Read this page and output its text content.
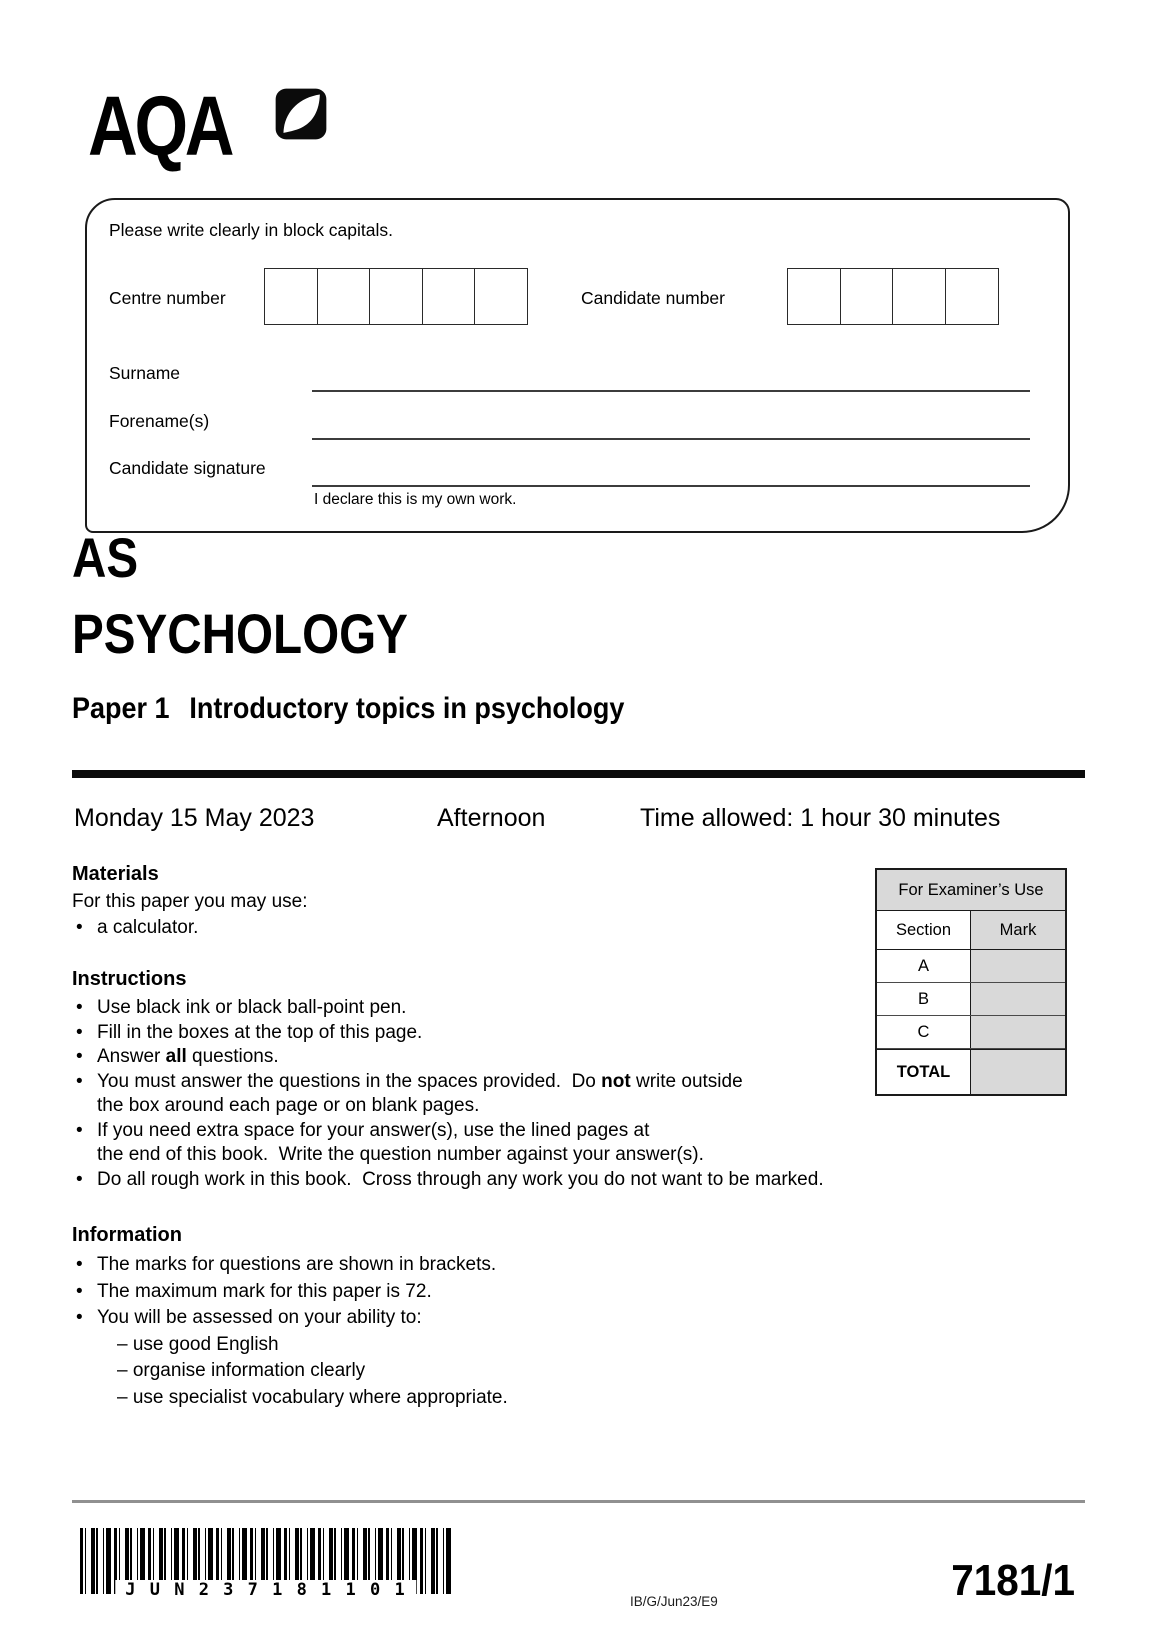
AQA
Please write clearly in block capitals.
Centre number	Candidate number
Surname
Forename(s)
Candidate signature
I declare this is my own work.
AS
PSYCHOLOGY
Paper 1 Introductory topics in psychology
Monday 15 May 2023	Afternoon	Time allowed: 1 hour 30 minutes
Materials

For this paper you may use:

• a calculator.
Instructions
• Use black ink or black ball-point pen.
• Fill in the boxes at the top of this page.
• Answer all questions.
• You must answer the questions in the spaces provided.  Do not write outside
the box around each page or on blank pages.
• If you need extra space for your answer(s), use the lined pages at
the end of this book.  Write the question number against your answer(s).
• Do all rough work in this book.  Cross through any work you do not want to be marked.
For Examiner’s Use
Section	Mark
A
B
C
TOTAL
Information
• The marks for questions are shown in brackets.
• The maximum mark for this paper is 72.
• You will be assessed on your ability to:
– use good English
– organise information clearly
– use specialist vocabulary where appropriate.
J U N 2 3 7 1 8 1 1 0 1
IB/G/Jun23/E9	7181/1
